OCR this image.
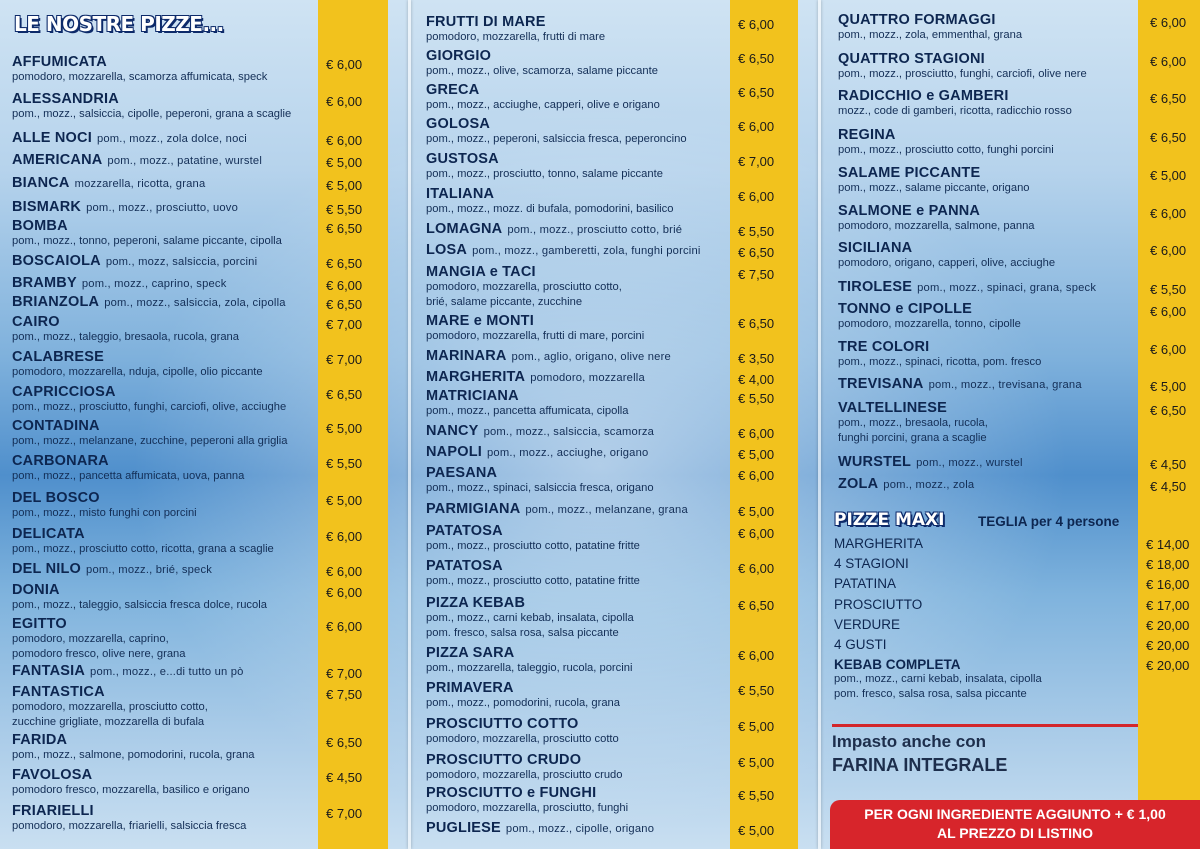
LE NOSTRE PIZZE...
AFFUMICATA
pomodoro, mozzarella, scamorza affumicata, speck
€ 6,00
ALESSANDRIA
pom., mozz., salsiccia, cipolle, peperoni, grana a scaglie
€ 6,00
ALLE NOCI pom., mozz., zola dolce, noci	€ 6,00
AMERICANA pom., mozz., patatine, wurstel	€ 5,00
BIANCA mozzarella, ricotta, grana	€ 5,00
BISMARK pom., mozz., prosciutto, uovo	€ 5,50
BOMBA
pom., mozz., tonno, peperoni, salame piccante, cipolla
€ 6,50
BOSCAIOLA pom., mozz, salsiccia, porcini	€ 6,50
BRAMBY pom., mozz., caprino, speck	€ 6,00
BRIANZOLA pom., mozz., salsiccia, zola, cipolla	€ 6,50
CAIRO
pom., mozz., taleggio, bresaola, rucola, grana
€ 7,00
CALABRESE
pomodoro, mozzarella, nduja, cipolle, olio piccante
€ 7,00
CAPRICCIOSA
pom., mozz., prosciutto, funghi, carciofi, olive, acciughe
€ 6,50
CONTADINA
pom., mozz., melanzane, zucchine, peperoni alla griglia
€ 5,00
CARBONARA
pom., mozz., pancetta affumicata, uova, panna
€ 5,50
DEL BOSCO
pom., mozz., misto funghi con porcini
€ 5,00
DELICATA
pom., mozz., prosciutto cotto, ricotta, grana a scaglie
€ 6,00
DEL NILO pom., mozz., brié, speck	€ 6,00
DONIA
pom., mozz., taleggio, salsiccia fresca dolce, rucola
€ 6,00
EGITTO
pomodoro, mozzarella, caprino,
pomodoro fresco, olive nere, grana
€ 6,00
FANTASIA pom., mozz., e...di tutto un pò	€ 7,00
FANTASTICA
pomodoro, mozzarella, prosciutto cotto,
zucchine grigliate, mozzarella di bufala
€ 7,50
FARIDA
pom., mozz., salmone, pomodorini, rucola, grana
€ 6,50
FAVOLOSA
pomodoro fresco, mozzarella, basilico e origano
€ 4,50
FRIARIELLI
pomodoro, mozzarella, friarielli, salsiccia fresca
€ 7,00
FRUTTI DI MARE
pomodoro, mozzarella, frutti di mare
€ 6,00
GIORGIO
pom., mozz., olive, scamorza, salame piccante
€ 6,50
GRECA
pom., mozz., acciughe, capperi, olive e origano
€ 6,50
GOLOSA
pom., mozz., peperoni, salsiccia fresca, peperoncino
€ 6,00
GUSTOSA
pom., mozz., prosciutto, tonno, salame piccante
€ 7,00
ITALIANA
pom., mozz., mozz. di bufala, pomodorini, basilico
€ 6,00
LOMAGNA pom., mozz., prosciutto cotto, brié	€ 5,50
LOSA pom., mozz., gamberetti, zola, funghi porcini	€ 6,50
MANGIA e TACI
pomodoro, mozzarella, prosciutto cotto,
brié, salame piccante, zucchine
€ 7,50
MARE e MONTI
pomodoro, mozzarella, frutti di mare, porcini
€ 6,50
MARINARA pom., aglio, origano, olive nere	€ 3,50
MARGHERITA pomodoro, mozzarella	€ 4,00
MATRICIANA
pom., mozz., pancetta affumicata, cipolla
€ 5,50
NANCY pom., mozz., salsiccia, scamorza	€ 6,00
NAPOLI pom., mozz., acciughe, origano	€ 5,00
PAESANA
pom., mozz., spinaci, salsiccia fresca, origano
€ 6,00
PARMIGIANA pom., mozz., melanzane, grana	€ 5,00
PATATOSA
pom., mozz., prosciutto cotto, patatine fritte
€ 6,00
PATATOSA
pom., mozz., prosciutto cotto, patatine fritte
€ 6,00
PIZZA KEBAB
pom., mozz., carni kebab, insalata, cipolla
pom. fresco, salsa rosa, salsa piccante
€ 6,50
PIZZA SARA
pom., mozzarella, taleggio, rucola, porcini
€ 6,00
PRIMAVERA
pom., mozz., pomodorini, rucola, grana
€ 5,50
PROSCIUTTO COTTO
pomodoro, mozzarella, prosciutto cotto
€ 5,00
PROSCIUTTO CRUDO
pomodoro, mozzarella, prosciutto crudo
€ 5,00
PROSCIUTTO e FUNGHI
pomodoro, mozzarella, prosciutto, funghi
€ 5,50
PUGLIESE pom., mozz., cipolle, origano	€ 5,00
QUATTRO FORMAGGI
pom., mozz., zola, emmenthal, grana
€ 6,00
QUATTRO STAGIONI
pom., mozz., prosciutto, funghi, carciofi, olive nere
€ 6,00
RADICCHIO e GAMBERI
mozz., code di gamberi, ricotta, radicchio rosso
€ 6,50
REGINA
pom., mozz., prosciutto cotto, funghi porcini
€ 6,50
SALAME PICCANTE
pom., mozz., salame piccante, origano
€ 5,00
SALMONE e PANNA
pomodoro, mozzarella, salmone, panna
€ 6,00
SICILIANA
pomodoro, origano, capperi, olive, acciughe
€ 6,00
TIROLESE pom., mozz., spinaci, grana, speck	€ 5,50
TONNO e CIPOLLE
pomodoro, mozzarella, tonno, cipolle
€ 6,00
TRE COLORI
pom., mozz., spinaci, ricotta, pom. fresco
€ 6,00
TREVISANA pom., mozz., trevisana, grana	€ 5,00
VALTELLINESE
pom., mozz., bresaola, rucola,
funghi porcini, grana a scaglie
€ 6,50
WURSTEL pom., mozz., wurstel	€ 4,50
ZOLA pom., mozz., zola	€ 4,50
PIZZE MAXI TEGLIA per 4 persone
MARGHERITA	€ 14,00
4 STAGIONI	€ 18,00
PATATINA	€ 16,00
PROSCIUTTO	€ 17,00
VERDURE	€ 20,00
4 GUSTI	€ 20,00
KEBAB COMPLETA
pom., mozz., carni kebab, insalata, cipolla
pom. fresco, salsa rosa, salsa piccante
€ 20,00
Impasto anche con
FARINA INTEGRALE
PER OGNI INGREDIENTE AGGIUNTO + € 1,00
AL PREZZO DI LISTINO
